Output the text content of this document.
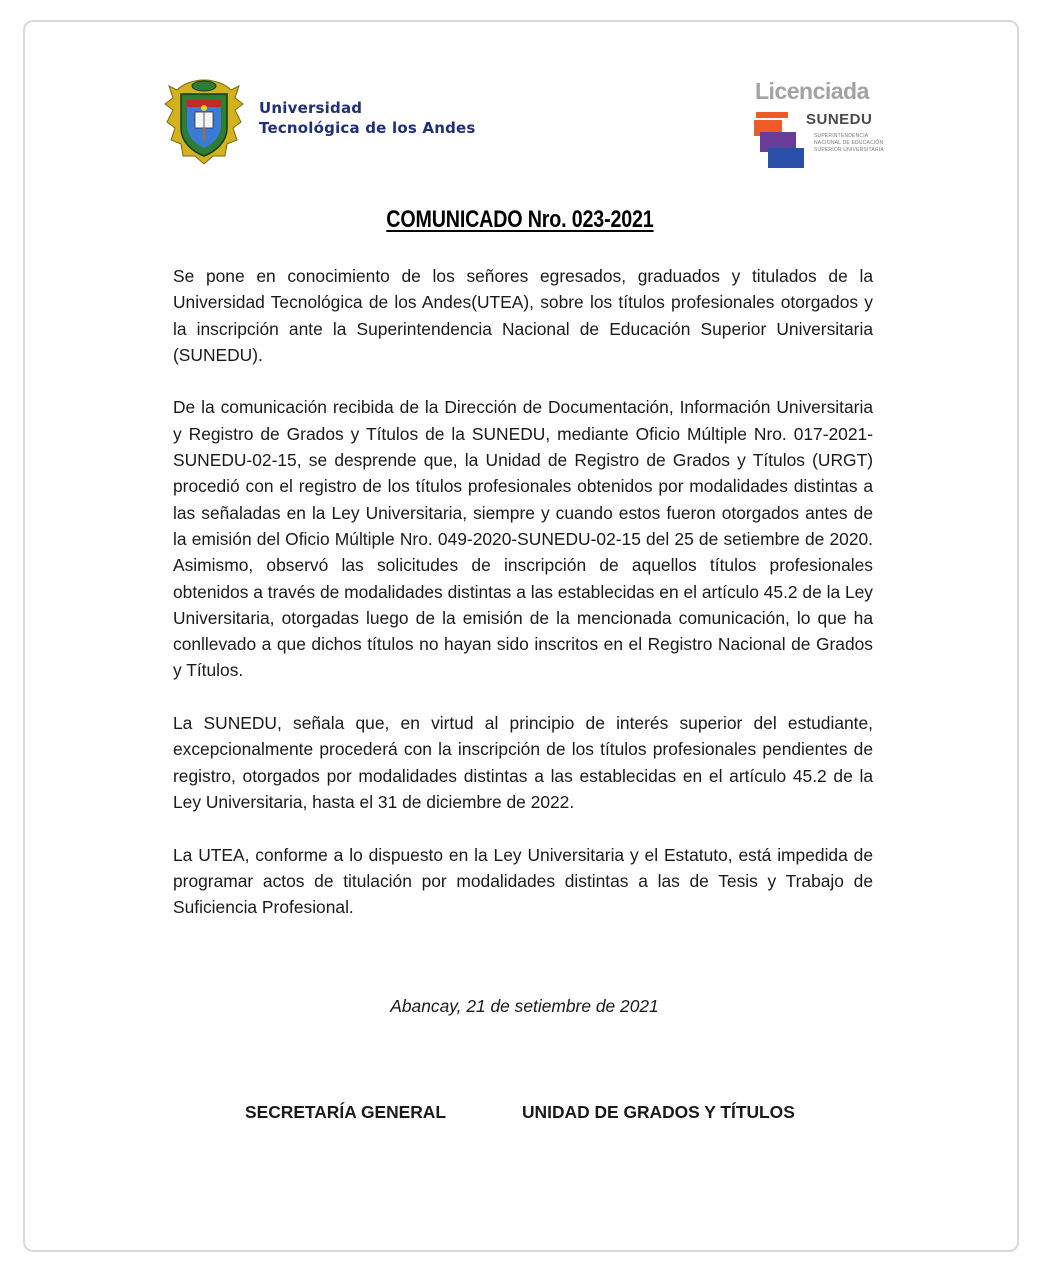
Universidad
Tecnológica de los Andes
Licenciada
SUNEDU
SUPERINTENDENCIA
NACIONAL DE EDUCACIÓN
SUPERIOR UNIVERSITARIA
COMUNICADO Nro. 023-2021

Se pone en conocimiento de los señores egresados, graduados y titulados de la Universidad Tecnológica de los Andes(UTEA), sobre los títulos profesionales otorgados y la inscripción ante la Superintendencia Nacional de Educación Superior Universitaria (SUNEDU).

De la comunicación recibida de la Dirección de Documentación, Información Universitaria y Registro de Grados y Títulos de la SUNEDU, mediante Oficio Múltiple Nro. 017-2021-SUNEDU-02-15, se desprende que, la Unidad de Registro de Grados y Títulos (URGT) procedió con el registro de los títulos profesionales obtenidos por modalidades distintas a las señaladas en la Ley Universitaria, siempre y cuando estos fueron otorgados antes de la emisión del Oficio Múltiple Nro. 049-2020-SUNEDU-02-15 del 25 de setiembre de 2020. Asimismo, observó las solicitudes de inscripción de aquellos títulos profesionales obtenidos a través de modalidades distintas a las establecidas en el artículo 45.2 de la Ley Universitaria, otorgadas luego de la emisión de la mencionada comunicación, lo que ha conllevado a que dichos títulos no hayan sido inscritos en el Registro Nacional de Grados y Títulos.

La SUNEDU, señala que, en virtud al principio de interés superior del estudiante, excepcionalmente procederá con la inscripción de los títulos profesionales pendientes de registro, otorgados por modalidades distintas a las establecidas en el artículo 45.2 de la Ley Universitaria, hasta el 31 de diciembre de 2022.

La UTEA, conforme a lo dispuesto en la Ley Universitaria y el Estatuto, está impedida de programar actos de titulación por modalidades distintas a las de Tesis y Trabajo de Suficiencia Profesional.

Abancay, 21 de setiembre de 2021
SECRETARÍA GENERAL	UNIDAD DE GRADOS Y TÍTULOS
